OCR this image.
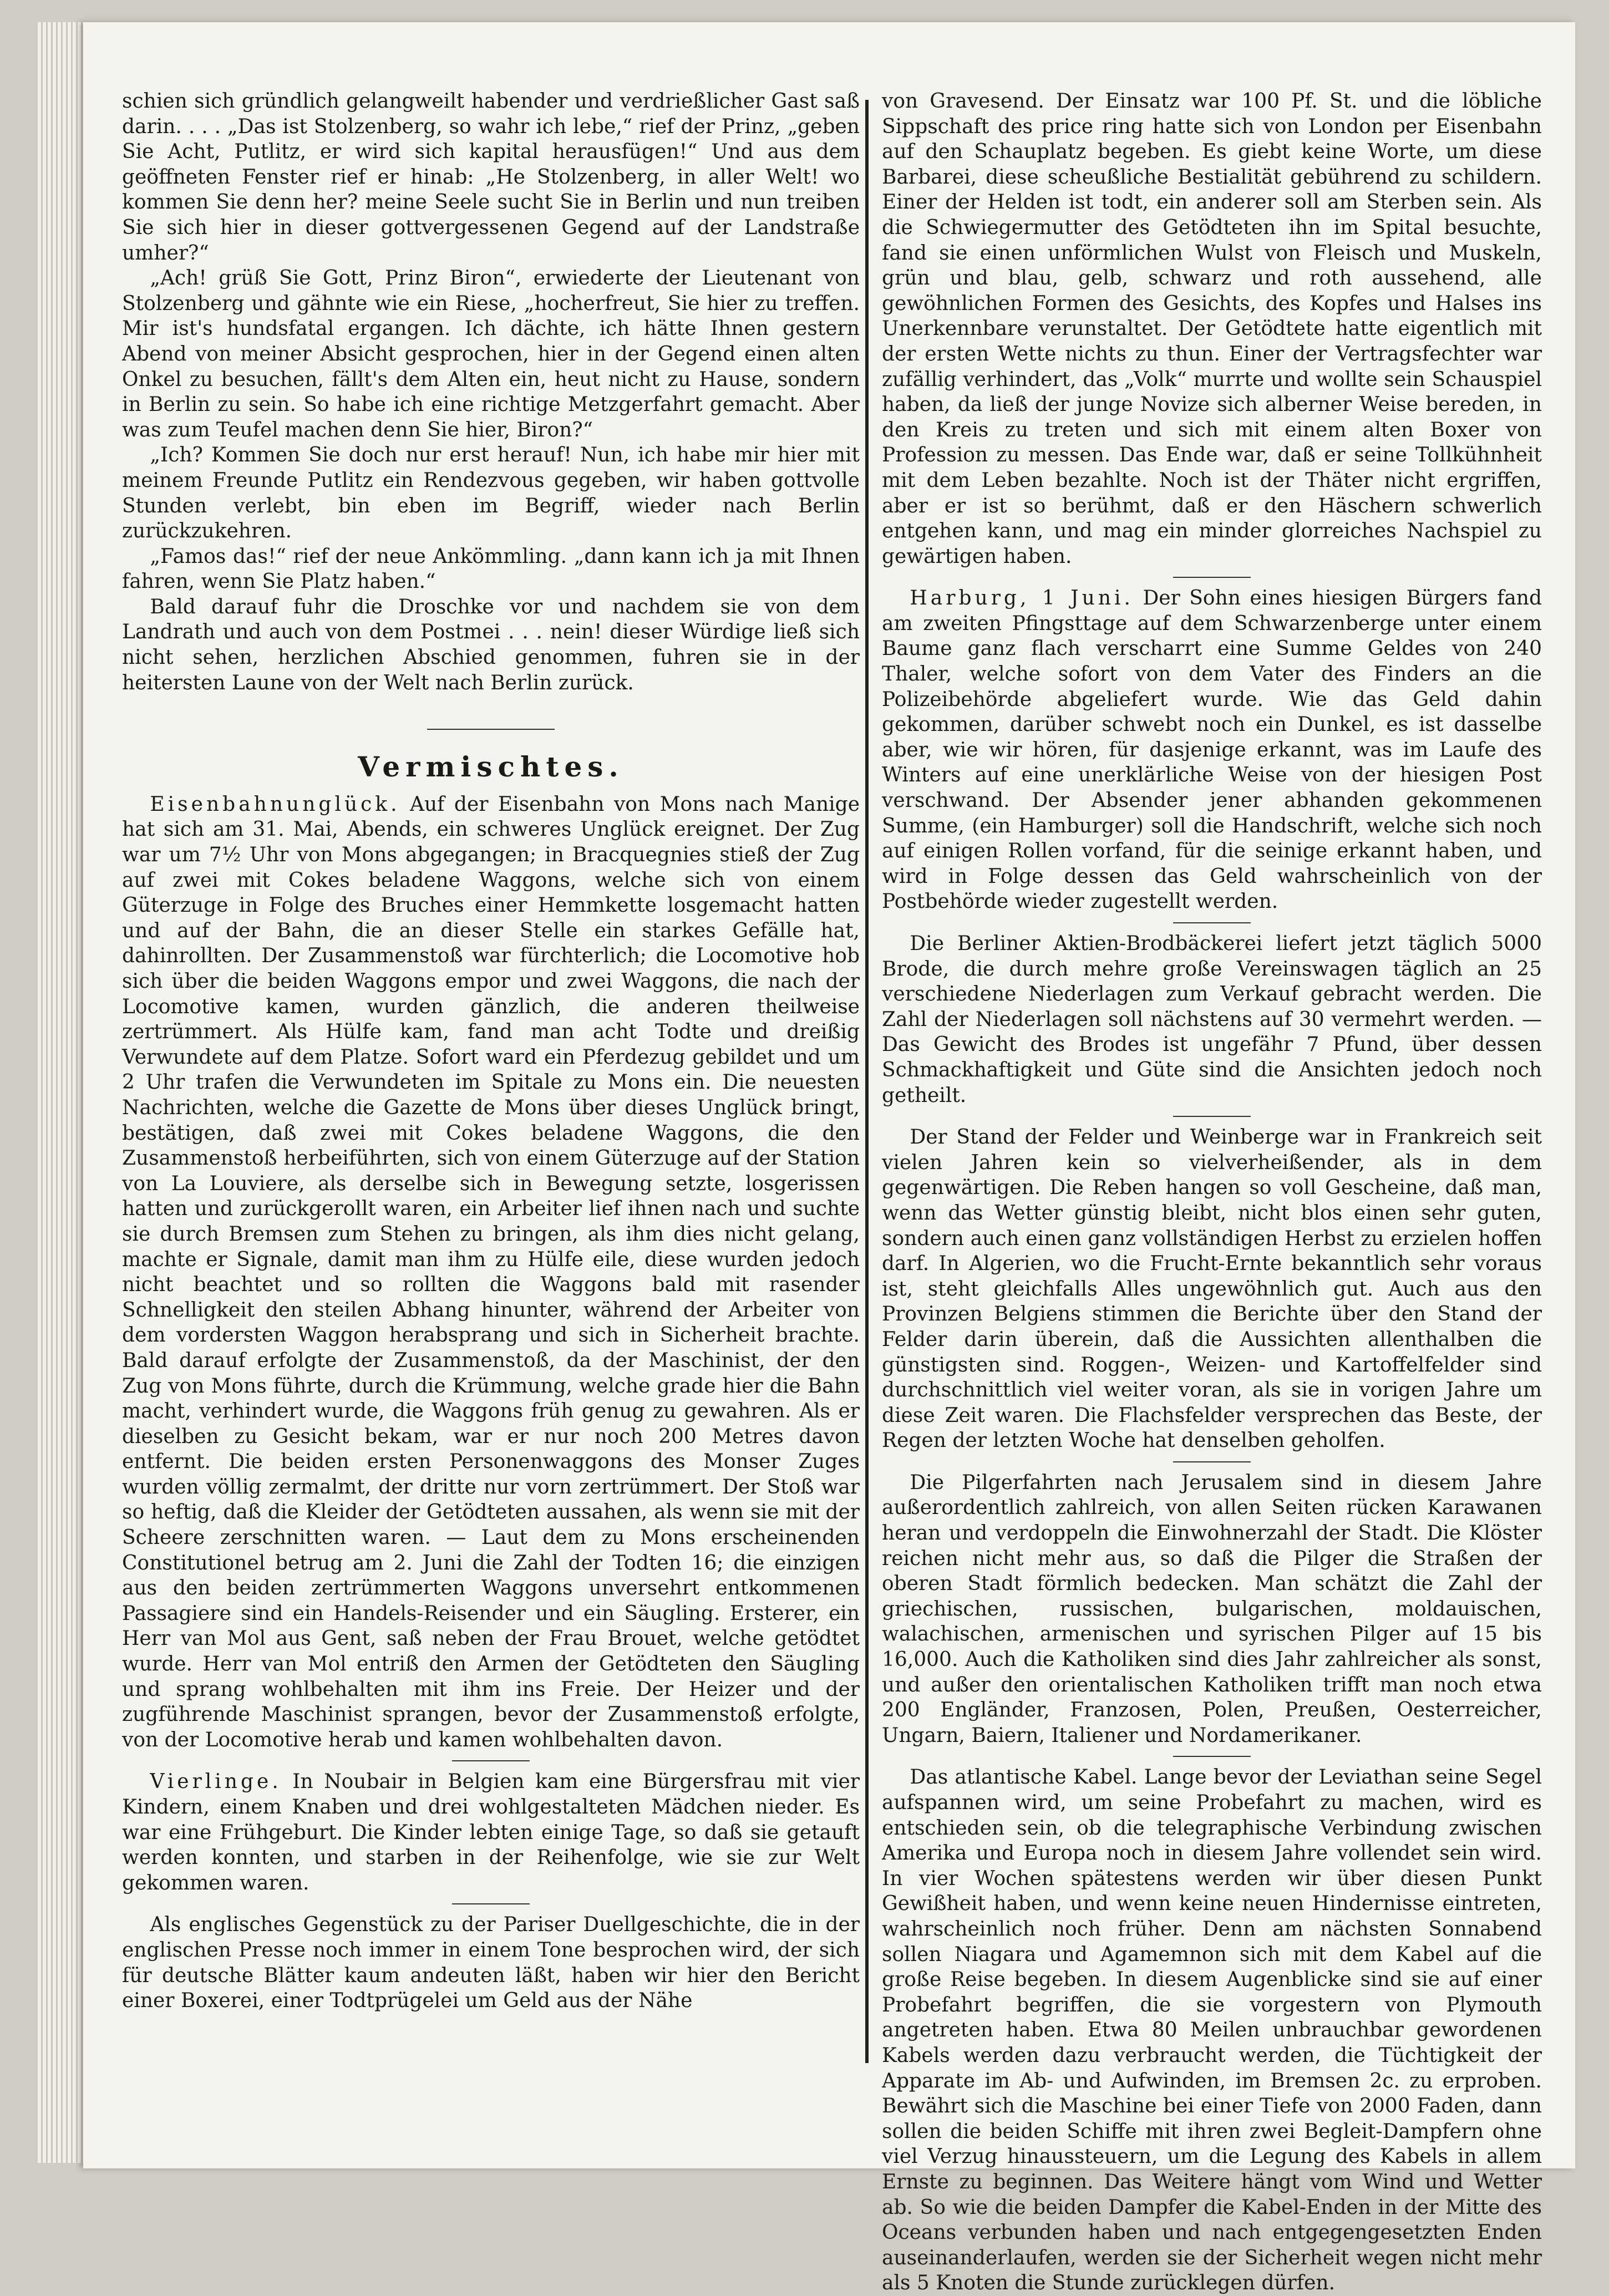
schien sich gründlich gelangweilt habender und verdrießlicher Gast saß darin. . . . „Das ist Stolzenberg, so wahr ich lebe,“ rief der Prinz, „geben Sie Acht, Putlitz, er wird sich kapital herausfügen!“ Und aus dem geöffneten Fenster rief er hinab: „He Stolzenberg, in aller Welt! wo kommen Sie denn her? meine Seele sucht Sie in Berlin und nun treiben Sie sich hier in dieser gottvergessenen Gegend auf der Landstraße umher?“

„Ach! grüß Sie Gott, Prinz Biron“, erwiederte der Lieutenant von Stolzenberg und gähnte wie ein Riese, „hocherfreut, Sie hier zu treffen. Mir ist's hundsfatal ergangen. Ich dächte, ich hätte Ihnen gestern Abend von meiner Absicht gesprochen, hier in der Gegend einen alten Onkel zu besuchen, fällt's dem Alten ein, heut nicht zu Hause, sondern in Berlin zu sein. So habe ich eine richtige Metzgerfahrt gemacht. Aber was zum Teufel machen denn Sie hier, Biron?“

„Ich? Kommen Sie doch nur erst herauf! Nun, ich habe mir hier mit meinem Freunde Putlitz ein Rendezvous gegeben, wir haben gottvolle Stunden verlebt, bin eben im Begriff, wieder nach Berlin zurückzukehren.

„Famos das!“ rief der neue Ankömmling. „dann kann ich ja mit Ihnen fahren, wenn Sie Platz haben.“

Bald darauf fuhr die Droschke vor und nachdem sie von dem Landrath und auch von dem Postmei . . . nein! dieser Würdige ließ sich nicht sehen, herzlichen Abschied genommen, fuhren sie in der heitersten Laune von der Welt nach Berlin zurück.

Vermischtes.

Eisenbahnunglück. Auf der Eisenbahn von Mons nach Manige hat sich am 31. Mai, Abends, ein schweres Unglück ereignet. Der Zug war um 7½ Uhr von Mons abgegangen; in Bracquegnies stieß der Zug auf zwei mit Cokes beladene Waggons, welche sich von einem Güterzuge in Folge des Bruches einer Hemmkette losgemacht hatten und auf der Bahn, die an dieser Stelle ein starkes Gefälle hat, dahinrollten. Der Zusammenstoß war fürchterlich; die Locomotive hob sich über die beiden Waggons empor und zwei Waggons, die nach der Locomotive kamen, wurden gänzlich, die anderen theilweise zertrümmert. Als Hülfe kam, fand man acht Todte und dreißig Verwundete auf dem Platze. Sofort ward ein Pferdezug gebildet und um 2 Uhr trafen die Verwundeten im Spitale zu Mons ein. Die neuesten Nachrichten, welche die Gazette de Mons über dieses Unglück bringt, bestätigen, daß zwei mit Cokes beladene Waggons, die den Zusammenstoß herbeiführten, sich von einem Güterzuge auf der Station von La Louviere, als derselbe sich in Bewegung setzte, losgerissen hatten und zurückgerollt waren, ein Arbeiter lief ihnen nach und suchte sie durch Bremsen zum Stehen zu bringen, als ihm dies nicht gelang, machte er Signale, damit man ihm zu Hülfe eile, diese wurden jedoch nicht beachtet und so rollten die Waggons bald mit rasender Schnelligkeit den steilen Abhang hinunter, während der Arbeiter von dem vordersten Waggon herabsprang und sich in Sicherheit brachte. Bald darauf erfolgte der Zusammenstoß, da der Maschinist, der den Zug von Mons führte, durch die Krümmung, welche grade hier die Bahn macht, verhindert wurde, die Waggons früh genug zu gewahren. Als er dieselben zu Gesicht bekam, war er nur noch 200 Metres davon entfernt. Die beiden ersten Personenwaggons des Monser Zuges wurden völlig zermalmt, der dritte nur vorn zertrümmert. Der Stoß war so heftig, daß die Kleider der Getödteten aussahen, als wenn sie mit der Scheere zerschnitten waren. — Laut dem zu Mons erscheinenden Constitutionel betrug am 2. Juni die Zahl der Todten 16; die einzigen aus den beiden zertrümmerten Waggons unversehrt entkommenen Passagiere sind ein Handels-Reisender und ein Säugling. Ersterer, ein Herr van Mol aus Gent, saß neben der Frau Brouet, welche getödtet wurde. Herr van Mol entriß den Armen der Getödteten den Säugling und sprang wohlbehalten mit ihm ins Freie. Der Heizer und der zugführende Maschinist sprangen, bevor der Zusammenstoß erfolgte, von der Locomotive herab und kamen wohlbehalten davon.

Vierlinge. In Noubair in Belgien kam eine Bürgersfrau mit vier Kindern, einem Knaben und drei wohlgestalteten Mädchen nieder. Es war eine Frühgeburt. Die Kinder lebten einige Tage, so daß sie getauft werden konnten, und starben in der Reihenfolge, wie sie zur Welt gekommen waren.

Als englisches Gegenstück zu der Pariser Duellgeschichte, die in der englischen Presse noch immer in einem Tone besprochen wird, der sich für deutsche Blätter kaum andeuten läßt, haben wir hier den Bericht einer Boxerei, einer Todtprügelei um Geld aus der Nähe

von Gravesend. Der Einsatz war 100 Pf. St. und die löbliche Sippschaft des price ring hatte sich von London per Eisenbahn auf den Schauplatz begeben. Es giebt keine Worte, um diese Barbarei, diese scheußliche Bestialität gebührend zu schildern. Einer der Helden ist todt, ein anderer soll am Sterben sein. Als die Schwiegermutter des Getödteten ihn im Spital besuchte, fand sie einen unförmlichen Wulst von Fleisch und Muskeln, grün und blau, gelb, schwarz und roth aussehend, alle gewöhnlichen Formen des Gesichts, des Kopfes und Halses ins Unerkennbare verunstaltet. Der Getödtete hatte eigentlich mit der ersten Wette nichts zu thun. Einer der Vertragsfechter war zufällig verhindert, das „Volk“ murrte und wollte sein Schauspiel haben, da ließ der junge Novize sich alberner Weise bereden, in den Kreis zu treten und sich mit einem alten Boxer von Profession zu messen. Das Ende war, daß er seine Tollkühnheit mit dem Leben bezahlte. Noch ist der Thäter nicht ergriffen, aber er ist so berühmt, daß er den Häschern schwerlich entgehen kann, und mag ein minder glorreiches Nachspiel zu gewärtigen haben.

Harburg, 1 Juni. Der Sohn eines hiesigen Bürgers fand am zweiten Pfingsttage auf dem Schwarzenberge unter einem Baume ganz flach verscharrt eine Summe Geldes von 240 Thaler, welche sofort von dem Vater des Finders an die Polizeibehörde abgeliefert wurde. Wie das Geld dahin gekommen, darüber schwebt noch ein Dunkel, es ist dasselbe aber, wie wir hören, für dasjenige erkannt, was im Laufe des Winters auf eine unerklärliche Weise von der hiesigen Post verschwand. Der Absender jener abhanden gekommenen Summe, (ein Hamburger) soll die Handschrift, welche sich noch auf einigen Rollen vorfand, für die seinige erkannt haben, und wird in Folge dessen das Geld wahrscheinlich von der Postbehörde wieder zugestellt werden.

Die Berliner Aktien-Brodbäckerei liefert jetzt täglich 5000 Brode, die durch mehre große Vereinswagen täglich an 25 verschiedene Niederlagen zum Verkauf gebracht werden. Die Zahl der Niederlagen soll nächstens auf 30 vermehrt werden. — Das Gewicht des Brodes ist ungefähr 7 Pfund, über dessen Schmackhaftigkeit und Güte sind die Ansichten jedoch noch getheilt.

Der Stand der Felder und Weinberge war in Frankreich seit vielen Jahren kein so vielverheißender, als in dem gegenwärtigen. Die Reben hangen so voll Gescheine, daß man, wenn das Wetter günstig bleibt, nicht blos einen sehr guten, sondern auch einen ganz vollständigen Herbst zu erzielen hoffen darf. In Algerien, wo die Frucht-Ernte bekanntlich sehr voraus ist, steht gleichfalls Alles ungewöhnlich gut. Auch aus den Provinzen Belgiens stimmen die Berichte über den Stand der Felder darin überein, daß die Aussichten allenthalben die günstigsten sind. Roggen-, Weizen- und Kartoffelfelder sind durchschnittlich viel weiter voran, als sie in vorigen Jahre um diese Zeit waren. Die Flachsfelder versprechen das Beste, der Regen der letzten Woche hat denselben geholfen.

Die Pilgerfahrten nach Jerusalem sind in diesem Jahre außerordentlich zahlreich, von allen Seiten rücken Karawanen heran und verdoppeln die Einwohnerzahl der Stadt. Die Klöster reichen nicht mehr aus, so daß die Pilger die Straßen der oberen Stadt förmlich bedecken. Man schätzt die Zahl der griechischen, russischen, bulgarischen, moldauischen, walachischen, armenischen und syrischen Pilger auf 15 bis 16,000. Auch die Katholiken sind dies Jahr zahlreicher als sonst, und außer den orientalischen Katholiken trifft man noch etwa 200 Engländer, Franzosen, Polen, Preußen, Oesterreicher, Ungarn, Baiern, Italiener und Nordamerikaner.

Das atlantische Kabel. Lange bevor der Leviathan seine Segel aufspannen wird, um seine Probefahrt zu machen, wird es entschieden sein, ob die telegraphische Verbindung zwischen Amerika und Europa noch in diesem Jahre vollendet sein wird. In vier Wochen spätestens werden wir über diesen Punkt Gewißheit haben, und wenn keine neuen Hindernisse eintreten, wahrscheinlich noch früher. Denn am nächsten Sonnabend sollen Niagara und Agamemnon sich mit dem Kabel auf die große Reise begeben. In diesem Augenblicke sind sie auf einer Probefahrt begriffen, die sie vorgestern von Plymouth angetreten haben. Etwa 80 Meilen unbrauchbar gewordenen Kabels werden dazu verbraucht werden, die Tüchtigkeit der Apparate im Ab- und Aufwinden, im Bremsen 2c. zu erproben. Bewährt sich die Maschine bei einer Tiefe von 2000 Faden, dann sollen die beiden Schiffe mit ihren zwei Begleit-Dampfern ohne viel Verzug hinaussteuern, um die Legung des Kabels in allem Ernste zu beginnen. Das Weitere hängt vom Wind und Wetter ab. So wie die beiden Dampfer die Kabel-Enden in der Mitte des Oceans verbunden haben und nach entgegengesetzten Enden auseinanderlaufen, werden sie der Sicherheit wegen nicht mehr als 5 Knoten die Stunde zurücklegen dürfen.
